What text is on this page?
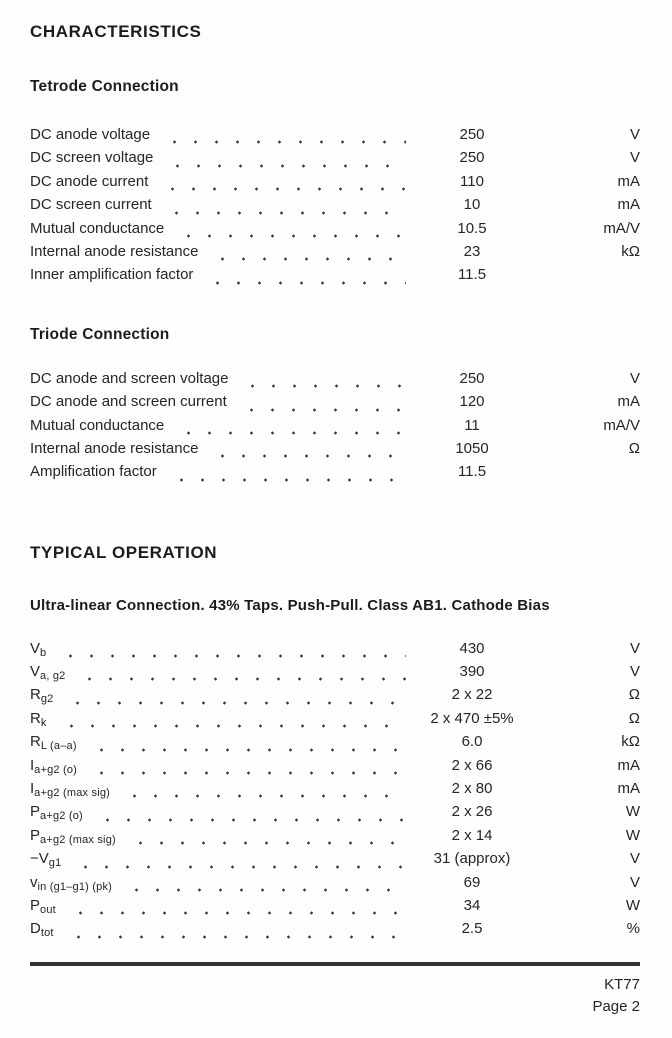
CHARACTERISTICS
Tetrode Connection
DC anode voltage	250	V
DC screen voltage	250	V
DC anode current	110	mA
DC screen current	10	mA
Mutual conductance	10.5	mA/V
Internal anode resistance	23	kΩ
Inner amplification factor	11.5
Triode Connection
DC anode and screen voltage	250	V
DC anode and screen current	120	mA
Mutual conductance	11	mA/V
Internal anode resistance	1050	Ω
Amplification factor	11.5
TYPICAL OPERATION
Ultra-linear Connection. 43% Taps. Push-Pull. Class AB1. Cathode Bias
$V_b$	430	V
$V_{a, g2}$	390	V
$R_{g2}$	2 x 22	Ω
$R_k$	2 x 470 ±5%	Ω
$R_{L (a-a)}$	6.0	kΩ
$I_{a+g2 (o)}$	2 x 66	mA
$I_{a+g2 (max sig)}$	2 x 80	mA
$P_{a+g2 (o)}$	2 x 26	W
$P_{a+g2 (max sig)}$	2 x 14	W
$-V_{g1}$	31 (approx)	V
$v_{in (g1-g1) (pk)}$	69	V
$P_{out}$	34	W
$D_{tot}$	2.5	%
KT77
Page 2
